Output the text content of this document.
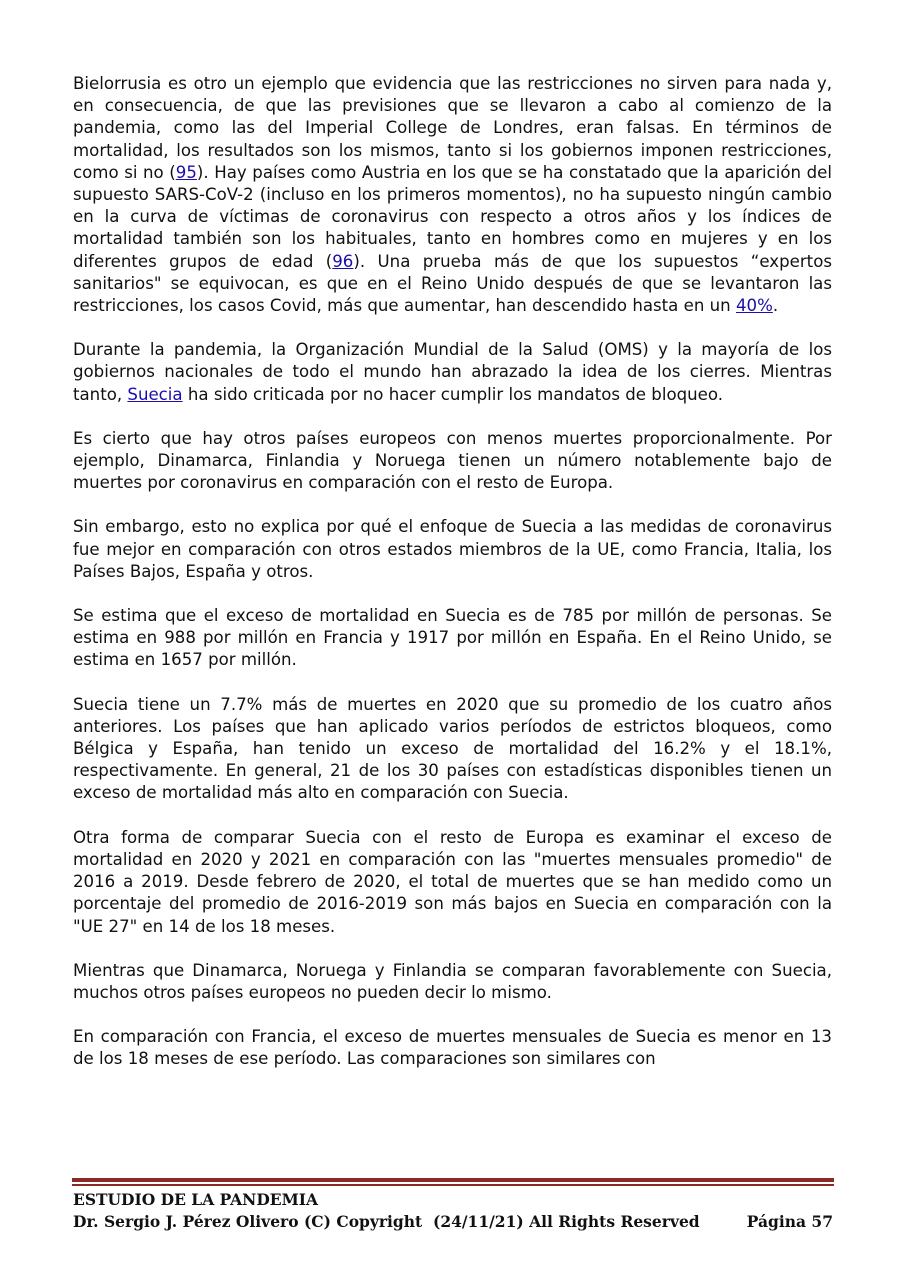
Bielorrusia es otro un ejemplo que evidencia que las restricciones no sirven para nada y, en consecuencia, de que las previsiones que se llevaron a cabo al comienzo de la pandemia, como las del Imperial College de Londres, eran falsas. En términos de mortalidad, los resultados son los mismos, tanto si los gobiernos imponen restricciones, como si no (95). Hay países como Austria en los que se ha constatado que la aparición del supuesto SARS-CoV-2 (incluso en los primeros momentos), no ha supuesto ningún cambio en la curva de víctimas de coronavirus con respecto a otros años y los índices de mortalidad también son los habituales, tanto en hombres como en mujeres y en los diferentes grupos de edad (96). Una prueba más de que los supuestos “expertos sanitarios" se equivocan, es que en el Reino Unido después de que se levantaron las restricciones, los casos Covid, más que aumentar, han descendido hasta en un 40%.

Durante la pandemia, la Organización Mundial de la Salud (OMS) y la mayoría de los gobiernos nacionales de todo el mundo han abrazado la idea de los cierres. Mientras tanto, Suecia ha sido criticada por no hacer cumplir los mandatos de bloqueo.

Es cierto que hay otros países europeos con menos muertes proporcionalmente. Por ejemplo, Dinamarca, Finlandia y Noruega tienen un número notablemente bajo de muertes por coronavirus en comparación con el resto de Europa.

Sin embargo, esto no explica por qué el enfoque de Suecia a las medidas de coronavirus fue mejor en comparación con otros estados miembros de la UE, como Francia, Italia, los Países Bajos, España y otros.

Se estima que el exceso de mortalidad en Suecia es de 785 por millón de personas. Se estima en 988 por millón en Francia y 1917 por millón en España. En el Reino Unido, se estima en 1657 por millón.

Suecia tiene un 7.7% más de muertes en 2020 que su promedio de los cuatro años anteriores. Los países que han aplicado varios períodos de estrictos bloqueos, como Bélgica y España, han tenido un exceso de mortalidad del 16.2% y el 18.1%, respectivamente. En general, 21 de los 30 países con estadísticas disponibles tienen un exceso de mortalidad más alto en comparación con Suecia.

Otra forma de comparar Suecia con el resto de Europa es examinar el exceso de mortalidad en 2020 y 2021 en comparación con las "muertes mensuales promedio" de 2016 a 2019. Desde febrero de 2020, el total de muertes que se han medido como un porcentaje del promedio de 2016-2019 son más bajos en Suecia en comparación con la "UE 27" en 14 de los 18 meses.

Mientras que Dinamarca, Noruega y Finlandia se comparan favorablemente con Suecia, muchos otros países europeos no pueden decir lo mismo.

En comparación con Francia, el exceso de muertes mensuales de Suecia es menor en 13 de los 18 meses de ese período. Las comparaciones son similares con

ESTUDIO DE LA PANDEMIA
Dr. Sergio J. Pérez Olivero (C) Copyright  (24/11/21) All Rights Reserved	Página 57
